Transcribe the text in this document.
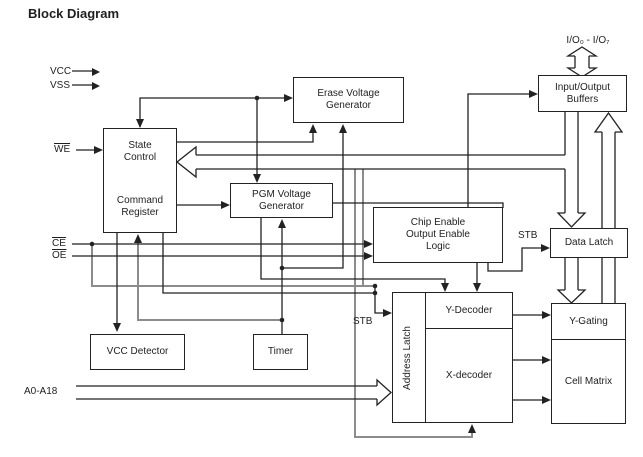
Block Diagram
VCC
VSS
$\overline{WE}$
$\overline{CE}$
$\overline{OE}$
A0-A18
I/O₀ - I/O₇
STB
STB
State
Control
Command
Register
Erase Voltage
Generator
PGM Voltage
Generator
Chip Enable
Output Enable
Logic
Input/Output
Buffers
Data Latch
VCC Detector	Timer	Address Latch

Y-Decoder
X-decoder
Y-Gating
Cell Matrix
